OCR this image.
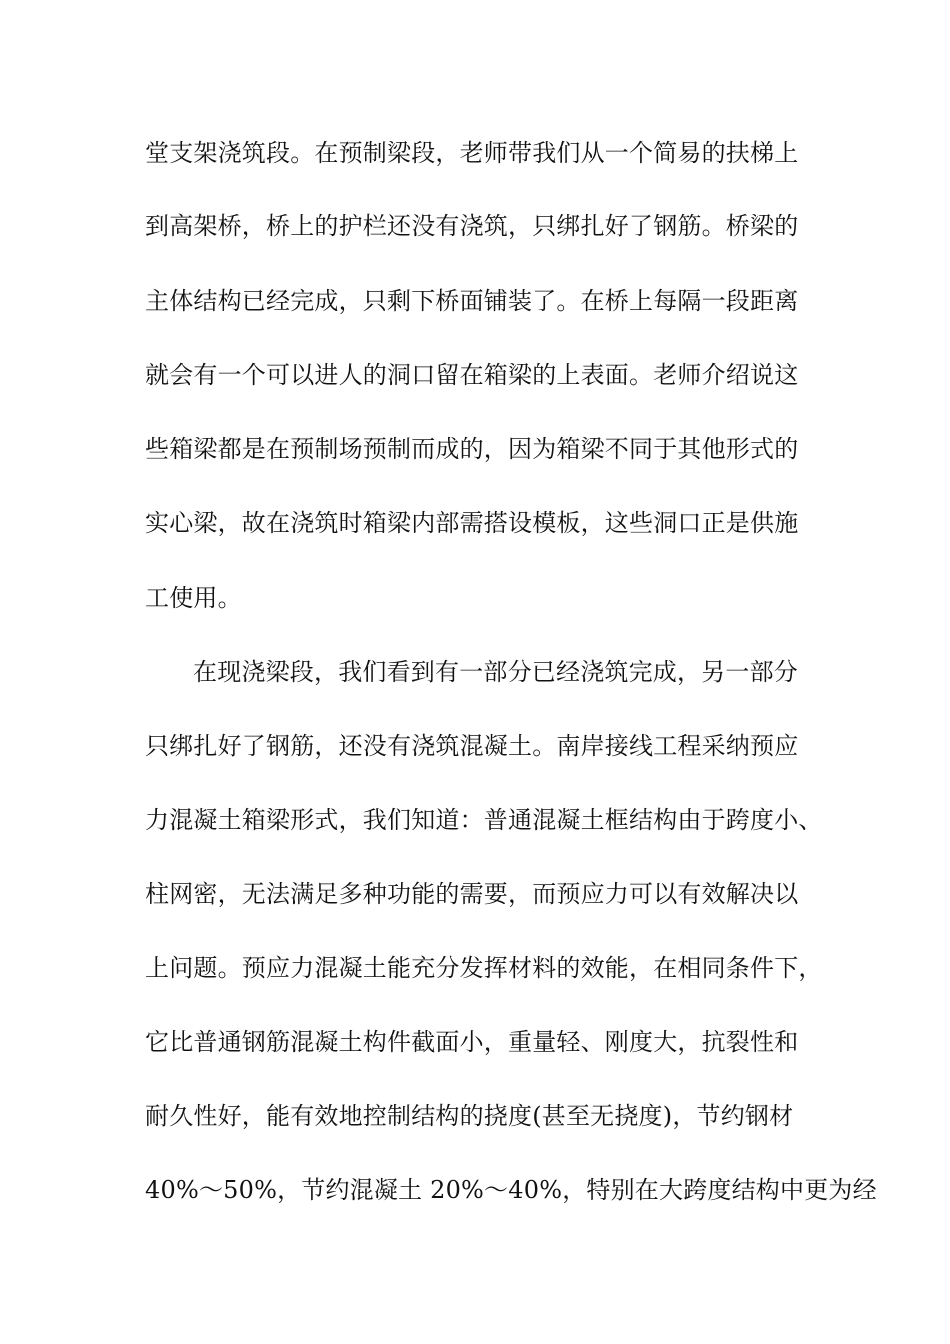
堂支架浇筑段。在预制梁段，老师带我们从一个简易的扶梯上

到高架桥，桥上的护栏还没有浇筑，只绑扎好了钢筋。桥梁的

主体结构已经完成，只剩下桥面铺装了。在桥上每隔一段距离

就会有一个可以进人的洞口留在箱梁的上表面。老师介绍说这

些箱梁都是在预制场预制而成的，因为箱梁不同于其他形式的

实心梁，故在浇筑时箱梁内部需搭设模板，这些洞口正是供施

工使用。

在现浇梁段，我们看到有一部分已经浇筑完成，另一部分

只绑扎好了钢筋，还没有浇筑混凝土。南岸接线工程采纳预应

力混凝土箱梁形式，我们知道：普通混凝土框结构由于跨度小、

柱网密，无法满足多种功能的需要，而预应力可以有效解决以

上问题。预应力混凝土能充分发挥材料的效能，在相同条件下，

它比普通钢筋混凝土构件截面小，重量轻、刚度大，抗裂性和

耐久性好，能有效地控制结构的挠度(甚至无挠度)，节约钢材

40%～50%，节约混凝土 20%～40%，特别在大跨度结构中更为经
